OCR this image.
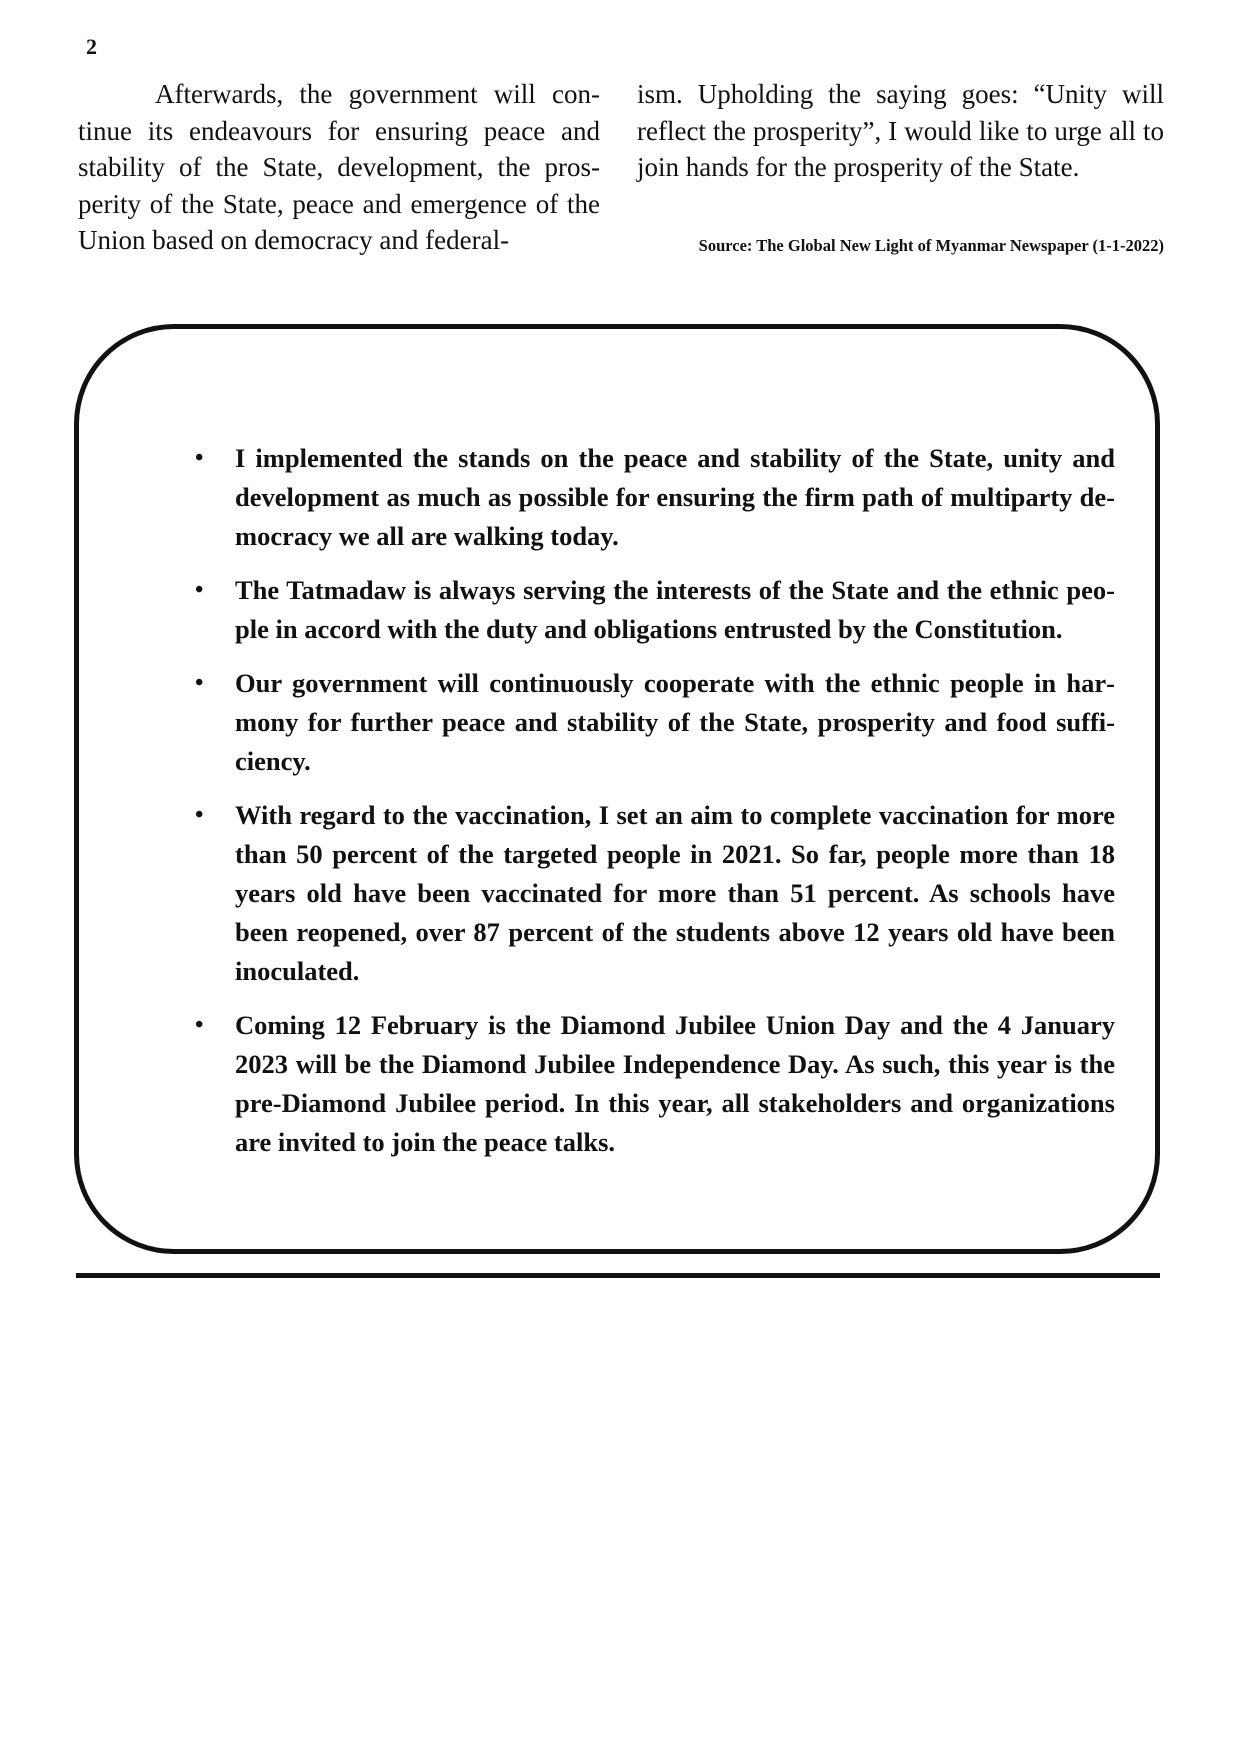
2

Afterwards, the government will continue its endeavours for ensuring peace and stability of the State, development, the prosperity of the State, peace and emergence of the Union based on democracy and federal-

ism. Upholding the saying goes: “Unity will reflect the prosperity”, I would like to urge all to join hands for the prosperity of the State.

Source: The Global New Light of Myanmar Newspaper (1-1-2022)
• I implemented the stands on the peace and stability of the State, unity and development as much as possible for ensuring the firm path of multiparty democracy we all are walking today.
• The Tatmadaw is always serving the interests of the State and the ethnic people in accord with the duty and obligations entrusted by the Constitution.
• Our government will continuously cooperate with the ethnic people in harmony for further peace and stability of the State, prosperity and food sufficiency.
• With regard to the vaccination, I set an aim to complete vaccination for more than 50 percent of the targeted people in 2021. So far, people more than 18 years old have been vaccinated for more than 51 percent. As schools have been reopened, over 87 percent of the students above 12 years old have been inoculated.
• Coming 12 February is the Diamond Jubilee Union Day and the 4 January 2023 will be the Diamond Jubilee Independence Day. As such, this year is the pre-Diamond Jubilee period. In this year, all stakeholders and organizations are invited to join the peace talks.
